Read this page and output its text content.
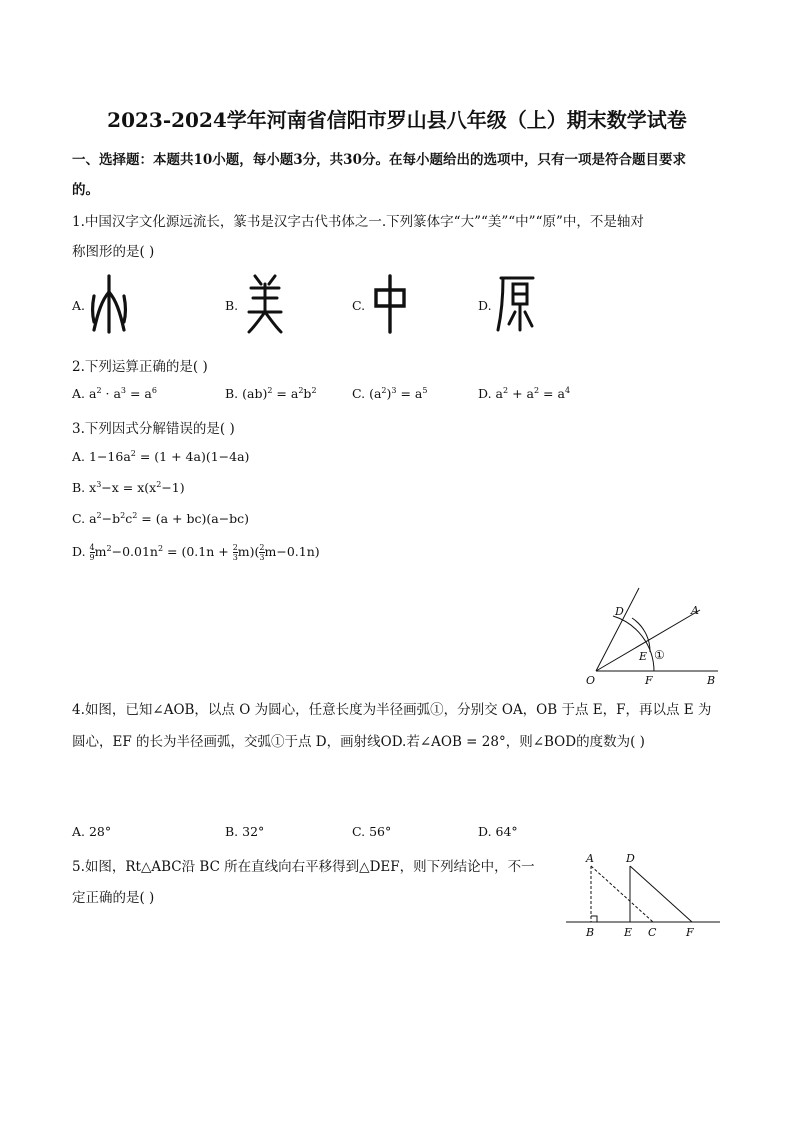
2023-2024学年河南省信阳市罗山县八年级（上）期末数学试卷
一、选择题：本题共10小题，每小题3分，共30分。在每小题给出的选项中，只有一项是符合题目要求
的。
1.中国汉字文化源远流长，篆书是汉字古代书体之一.下列篆体字“大”“美”“中”“原”中，不是轴对
称图形的是( )
A.	B.	C.	D.
2.下列运算正确的是( )
A. $a^2 \cdot a^3 = a^6$	B. $(ab)^2 = a^2b^2$	C. $(a^2)^3 = a^5$	D. $a^2 + a^2 = a^4$
3.下列因式分解错误的是( )
A. $1-16a^2 = (1 + 4a)(1-4a)$
B. $x^3-x = x(x^2-1)$
C. $a^2-b^2c^2 = (a + bc)(a-bc)$
D. $\frac{4}{9} m^2-0.01n^2 = (0.1n + \frac{2}{3} m)( \frac{2}{3} m-0.1n)$
O
A
B
D
E
F
①
4.如图，已知∠AOB，以点 O 为圆心，任意长度为半径画弧①，分别交 OA，OB 于点 E，F，再以点 E 为
圆心，EF 的长为半径画弧，交弧①于点 D，画射线OD.若∠AOB = 28°，则∠BOD的度数为( )
A. 28°	B. 32°	C. 56°	D. 64°
5.如图，Rt△ABC沿 BC 所在直线向右平移得到△DEF，则下列结论中，不一
定正确的是( )
A
B	C
D
E	F
